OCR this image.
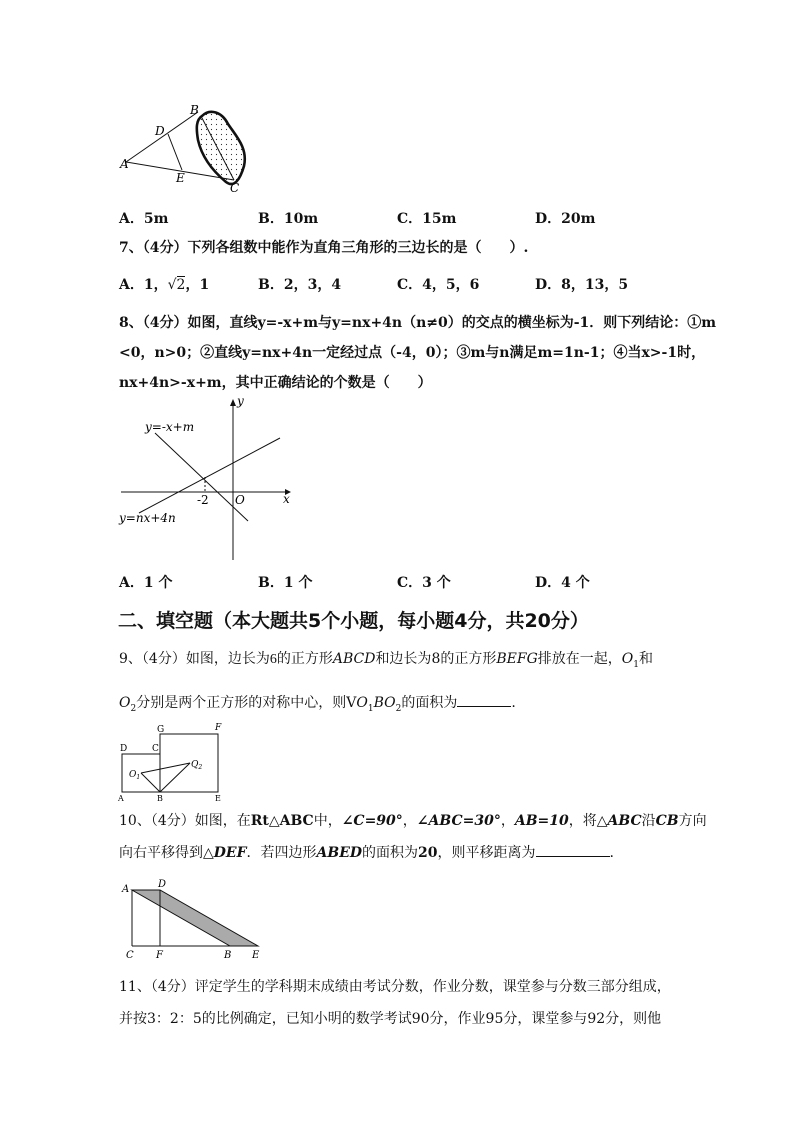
B
D
A
E
C
A．5m	B．10m	C．15m	D．20m
7、（4分）下列各组数中能作为直角三角形的三边长的是（　　）.
A．1，√2，1	B．2，3，4	C．4，5，6	D．8，13，5
8、（4分）如图，直线y=-x+m与y=nx+4n（n≠0）的交点的横坐标为-1．则下列结论：①m
<0，n>0；②直线y=nx+4n一定经过点（-4，0）；③m与n满足m=1n-1；④当x>-1时，
nx+4n>-x+m，其中正确结论的个数是（　　）
y=-x+m
y=nx+4n
y
x
O
-2
A．1 个	B．1 个	C．3 个	D．4 个
二、填空题（本大题共5个小题，每小题4分，共20分）
9、（4分）如图，边长为6的正方形ABCD和边长为8的正方形BEFG排放在一起，$O_1$和
$O_2$分别是两个正方形的对称中心，则$VO_1BO_2$的面积为	.
G	F
D	C
$O_1$
$Q_2$
A	B	E
10、（4分）如图，在Rt△ABC中，∠C=90°，∠ABC=30°，AB=10，将△ABC沿CB方向
向右平移得到△DEF．若四边形ABED的面积为20，则平移距离为	.
A	D
C F	B E
11、（4分）评定学生的学科期末成绩由考试分数，作业分数，课堂参与分数三部分组成，
并按3：2：5的比例确定，已知小明的数学考试90分，作业95分，课堂参与92分，则他
